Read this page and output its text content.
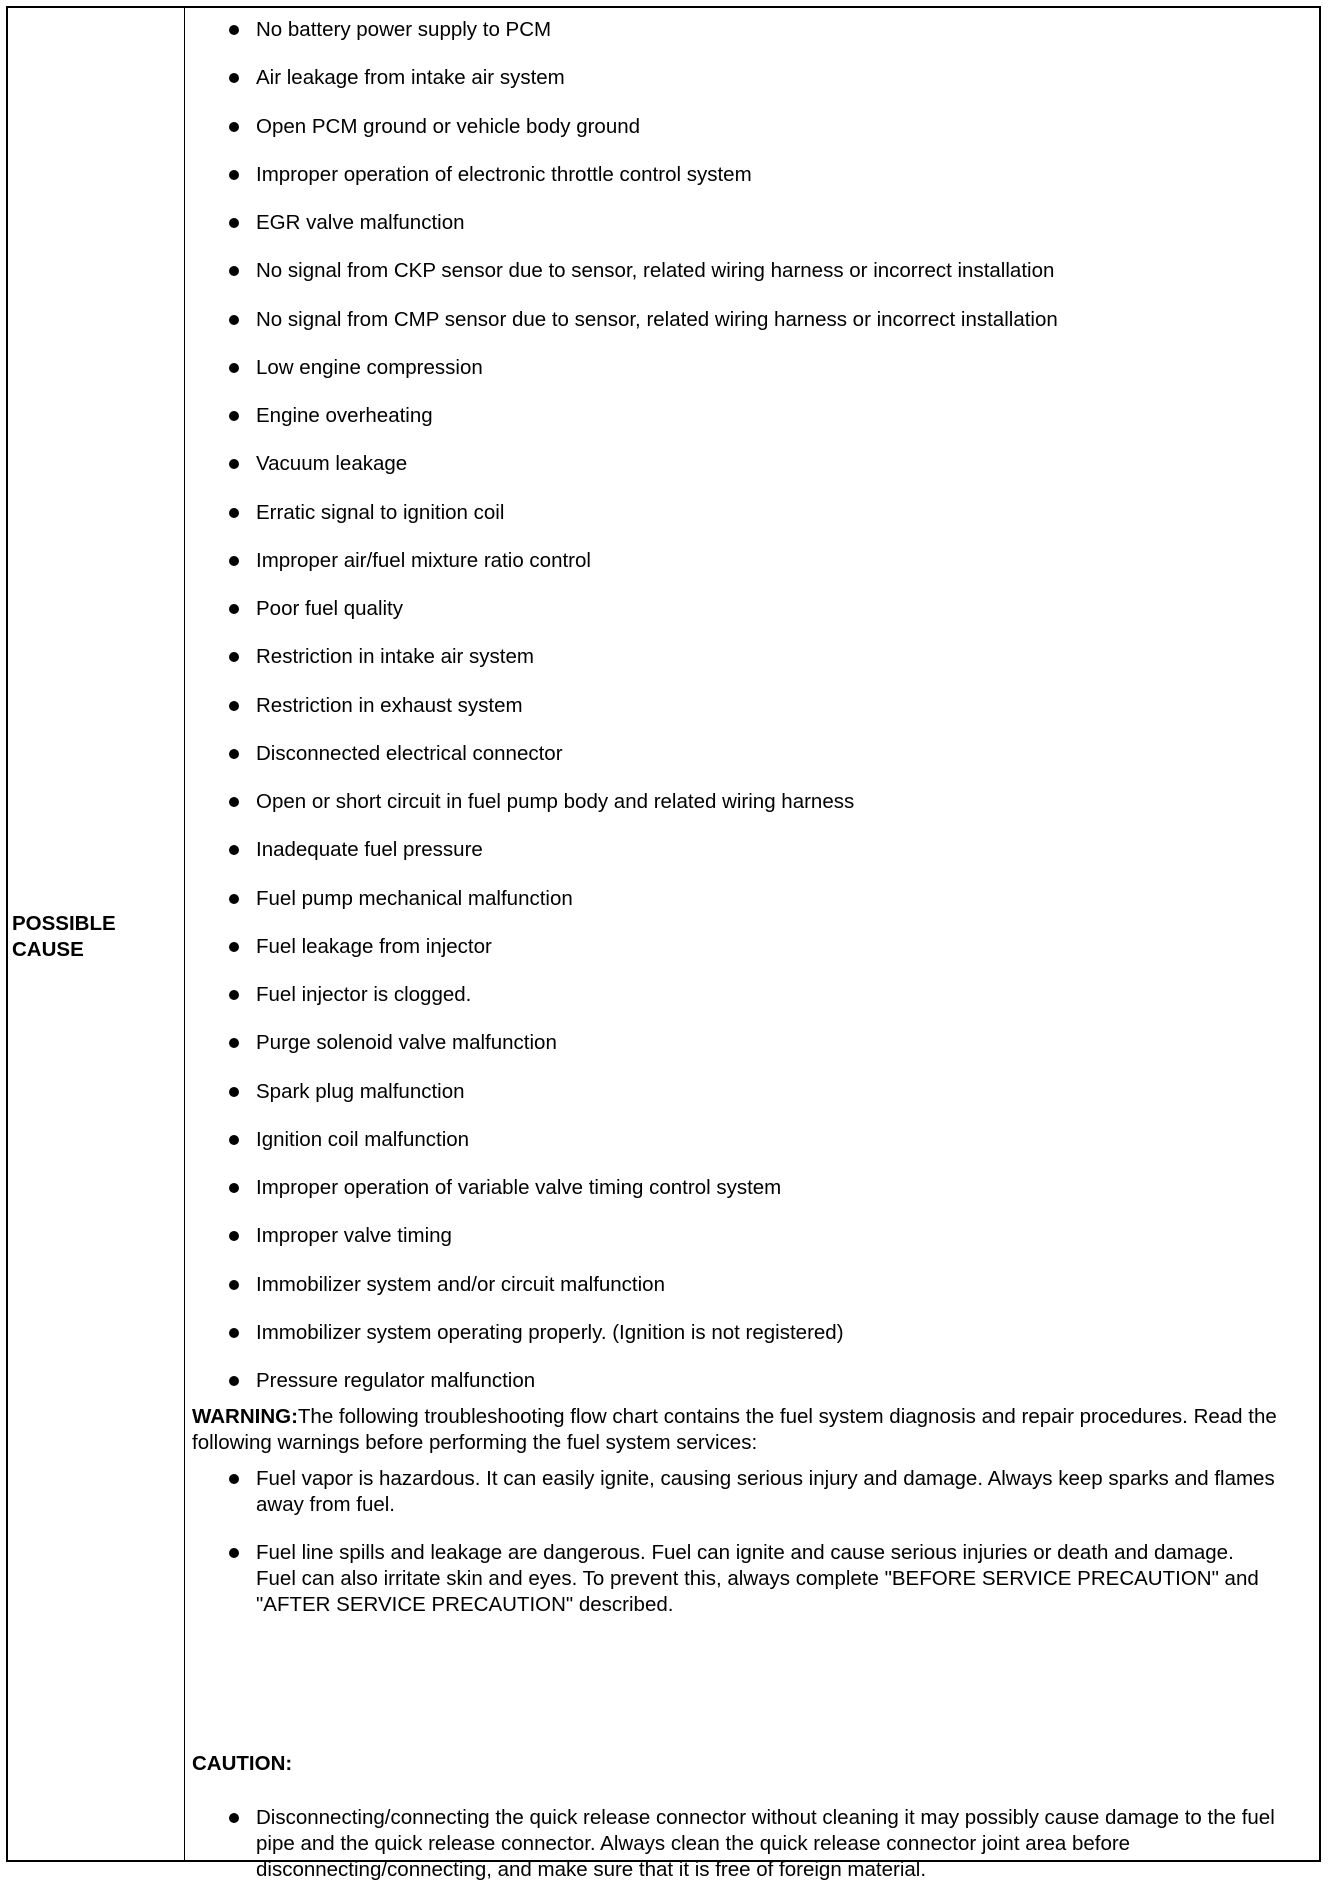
POSSIBLE
CAUSE
No battery power supply to PCM
Air leakage from intake air system
Open PCM ground or vehicle body ground
Improper operation of electronic throttle control system
EGR valve malfunction
No signal from CKP sensor due to sensor, related wiring harness or incorrect installation
No signal from CMP sensor due to sensor, related wiring harness or incorrect installation
Low engine compression
Engine overheating
Vacuum leakage
Erratic signal to ignition coil
Improper air/fuel mixture ratio control
Poor fuel quality
Restriction in intake air system
Restriction in exhaust system
Disconnected electrical connector
Open or short circuit in fuel pump body and related wiring harness
Inadequate fuel pressure
Fuel pump mechanical malfunction
Fuel leakage from injector
Fuel injector is clogged.
Purge solenoid valve malfunction
Spark plug malfunction
Ignition coil malfunction
Improper operation of variable valve timing control system
Improper valve timing
Immobilizer system and/or circuit malfunction
Immobilizer system operating properly. (Ignition is not registered)
Pressure regulator malfunction
WARNING:The following troubleshooting flow chart contains the fuel system diagnosis and repair procedures. Read the following warnings before performing the fuel system services:
Fuel vapor is hazardous. It can easily ignite, causing serious injury and damage. Always keep sparks and flames away from fuel.
Fuel line spills and leakage are dangerous. Fuel can ignite and cause serious injuries or death and damage. Fuel can also irritate skin and eyes. To prevent this, always complete "BEFORE SERVICE PRECAUTION" and "AFTER SERVICE PRECAUTION" described.
CAUTION:
Disconnecting/connecting the quick release connector without cleaning it may possibly cause damage to the fuel pipe and the quick release connector. Always clean the quick release connector joint area before disconnecting/connecting, and make sure that it is free of foreign material.
